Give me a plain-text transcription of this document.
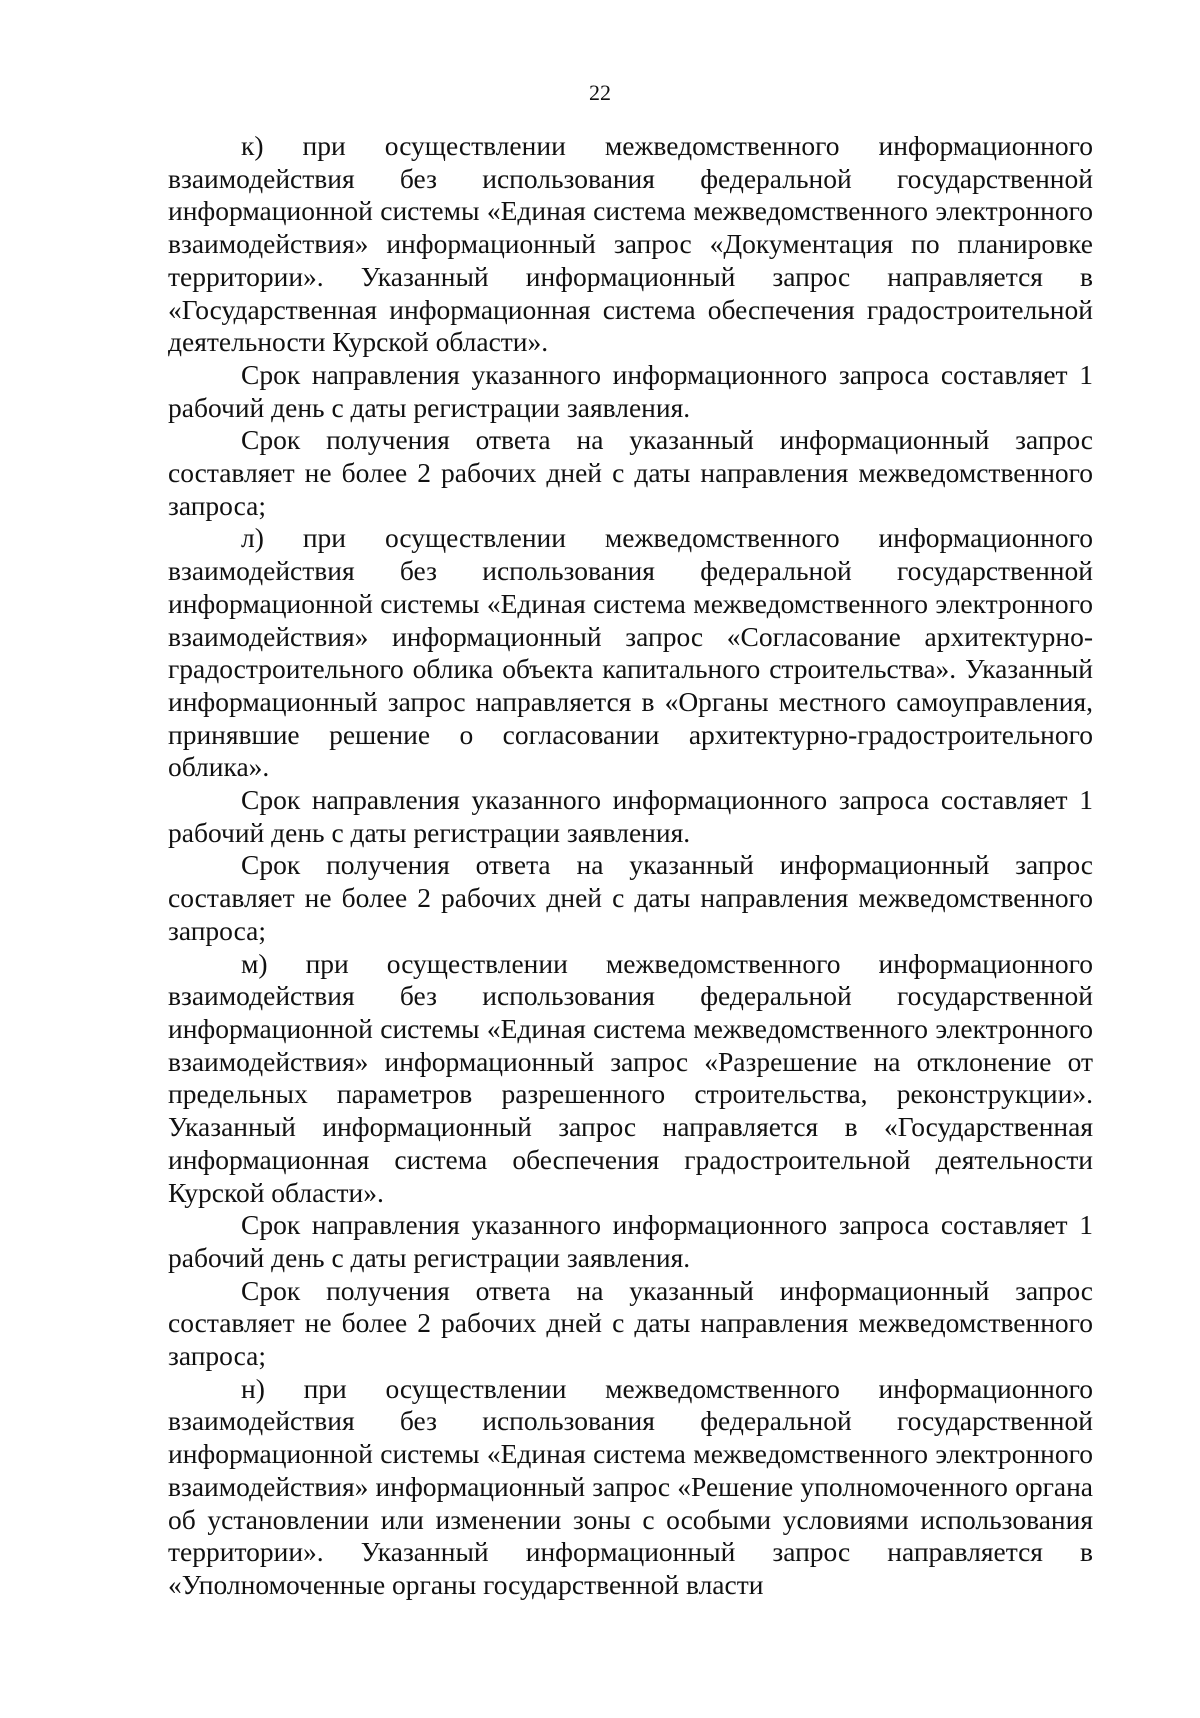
22

к) при осуществлении межведомственного информационного взаимодействия без использования федеральной государственной информационной системы «Единая система межведомственного электронного взаимодействия» информационный запрос «Документация по планировке территории». Указанный информационный запрос направляется в «Государственная информационная система обеспечения градостроительной деятельности Курской области».

Срок направления указанного информационного запроса составляет 1 рабочий день с даты регистрации заявления.

Срок получения ответа на указанный информационный запрос составляет не более 2 рабочих дней с даты направления межведомственного запроса;

л) при осуществлении межведомственного информационного взаимодействия без использования федеральной государственной информационной системы «Единая система межведомственного электронного взаимодействия» информационный запрос «Согласование архитектурно-градостроительного облика объекта капитального строительства». Указанный информационный запрос направляется в «Органы местного самоуправления, принявшие решение о согласовании архитектурно-градостроительного облика».

Срок направления указанного информационного запроса составляет 1 рабочий день с даты регистрации заявления.

Срок получения ответа на указанный информационный запрос составляет не более 2 рабочих дней с даты направления межведомственного запроса;

м) при осуществлении межведомственного информационного взаимодействия без использования федеральной государственной информационной системы «Единая система межведомственного электронного взаимодействия» информационный запрос «Разрешение на отклонение от предельных параметров разрешенного строительства, реконструкции». Указанный информационный запрос направляется в «Государственная информационная система обеспечения градостроительной деятельности Курской области».

Срок направления указанного информационного запроса составляет 1 рабочий день с даты регистрации заявления.

Срок получения ответа на указанный информационный запрос составляет не более 2 рабочих дней с даты направления межведомственного запроса;

н) при осуществлении межведомственного информационного взаимодействия без использования федеральной государственной информационной системы «Единая система межведомственного электронного взаимодействия» информационный запрос «Решение уполномоченного органа об установлении или изменении зоны с особыми условиями использования территории». Указанный информационный запрос направляется в «Уполномоченные органы государственной власти
